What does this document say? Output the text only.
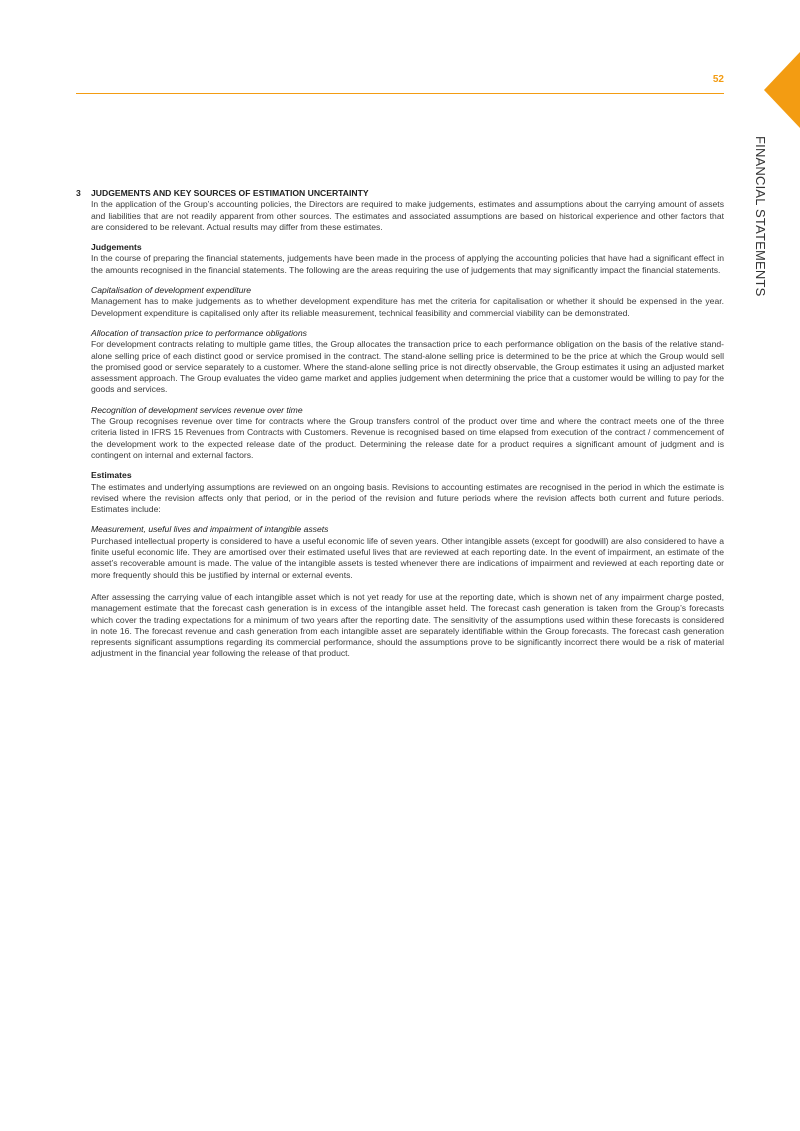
52
FINANCIAL STATEMENTS
3 JUDGEMENTS AND KEY SOURCES OF ESTIMATION UNCERTAINTY

In the application of the Group’s accounting policies, the Directors are required to make judgements, estimates and assumptions about the carrying amount of assets and liabilities that are not readily apparent from other sources. The estimates and associated assumptions are based on historical experience and other factors that are considered to be relevant. Actual results may differ from these estimates.

Judgements

In the course of preparing the financial statements, judgements have been made in the process of applying the accounting policies that have had a significant effect in the amounts recognised in the financial statements. The following are the areas requiring the use of judgements that may significantly impact the financial statements.

Capitalisation of development expenditure

Management has to make judgements as to whether development expenditure has met the criteria for capitalisation or whether it should be expensed in the year. Development expenditure is capitalised only after its reliable measurement, technical feasibility and commercial viability can be demonstrated.

Allocation of transaction price to performance obligations

For development contracts relating to multiple game titles, the Group allocates the transaction price to each performance obligation on the basis of the relative stand-alone selling price of each distinct good or service promised in the contract. The stand-alone selling price is determined to be the price at which the Group would sell the promised good or service separately to a customer. Where the stand-alone selling price is not directly observable, the Group estimates it using an adjusted market assessment approach. The Group evaluates the video game market and applies judgement when determining the price that a customer would be willing to pay for the goods and services.

Recognition of development services revenue over time

The Group recognises revenue over time for contracts where the Group transfers control of the product over time and where the contract meets one of the three criteria listed in IFRS 15 Revenues from Contracts with Customers. Revenue is recognised based on time elapsed from execution of the contract / commencement of the development work to the expected release date of the product. Determining the release date for a product requires a significant amount of judgment and is contingent on internal and external factors.

Estimates

The estimates and underlying assumptions are reviewed on an ongoing basis. Revisions to accounting estimates are recognised in the period in which the estimate is revised where the revision affects only that period, or in the period of the revision and future periods where the revision affects both current and future periods. Estimates include:

Measurement, useful lives and impairment of intangible assets

Purchased intellectual property is considered to have a useful economic life of seven years. Other intangible assets (except for goodwill) are also considered to have a finite useful economic life. They are amortised over their estimated useful lives that are reviewed at each reporting date. In the event of impairment, an estimate of the asset’s recoverable amount is made. The value of the intangible assets is tested whenever there are indications of impairment and reviewed at each reporting date or more frequently should this be justified by internal or external events.

After assessing the carrying value of each intangible asset which is not yet ready for use at the reporting date, which is shown net of any impairment charge posted, management estimate that the forecast cash generation is in excess of the intangible asset held. The forecast cash generation is taken from the Group’s forecasts which cover the trading expectations for a minimum of two years after the reporting date. The sensitivity of the assumptions used within these forecasts is considered in note 16. The forecast revenue and cash generation from each intangible asset are separately identifiable within the Group forecasts. The forecast cash generation represents significant assumptions regarding its commercial performance, should the assumptions prove to be significantly incorrect there would be a risk of material adjustment in the financial year following the release of that product.
